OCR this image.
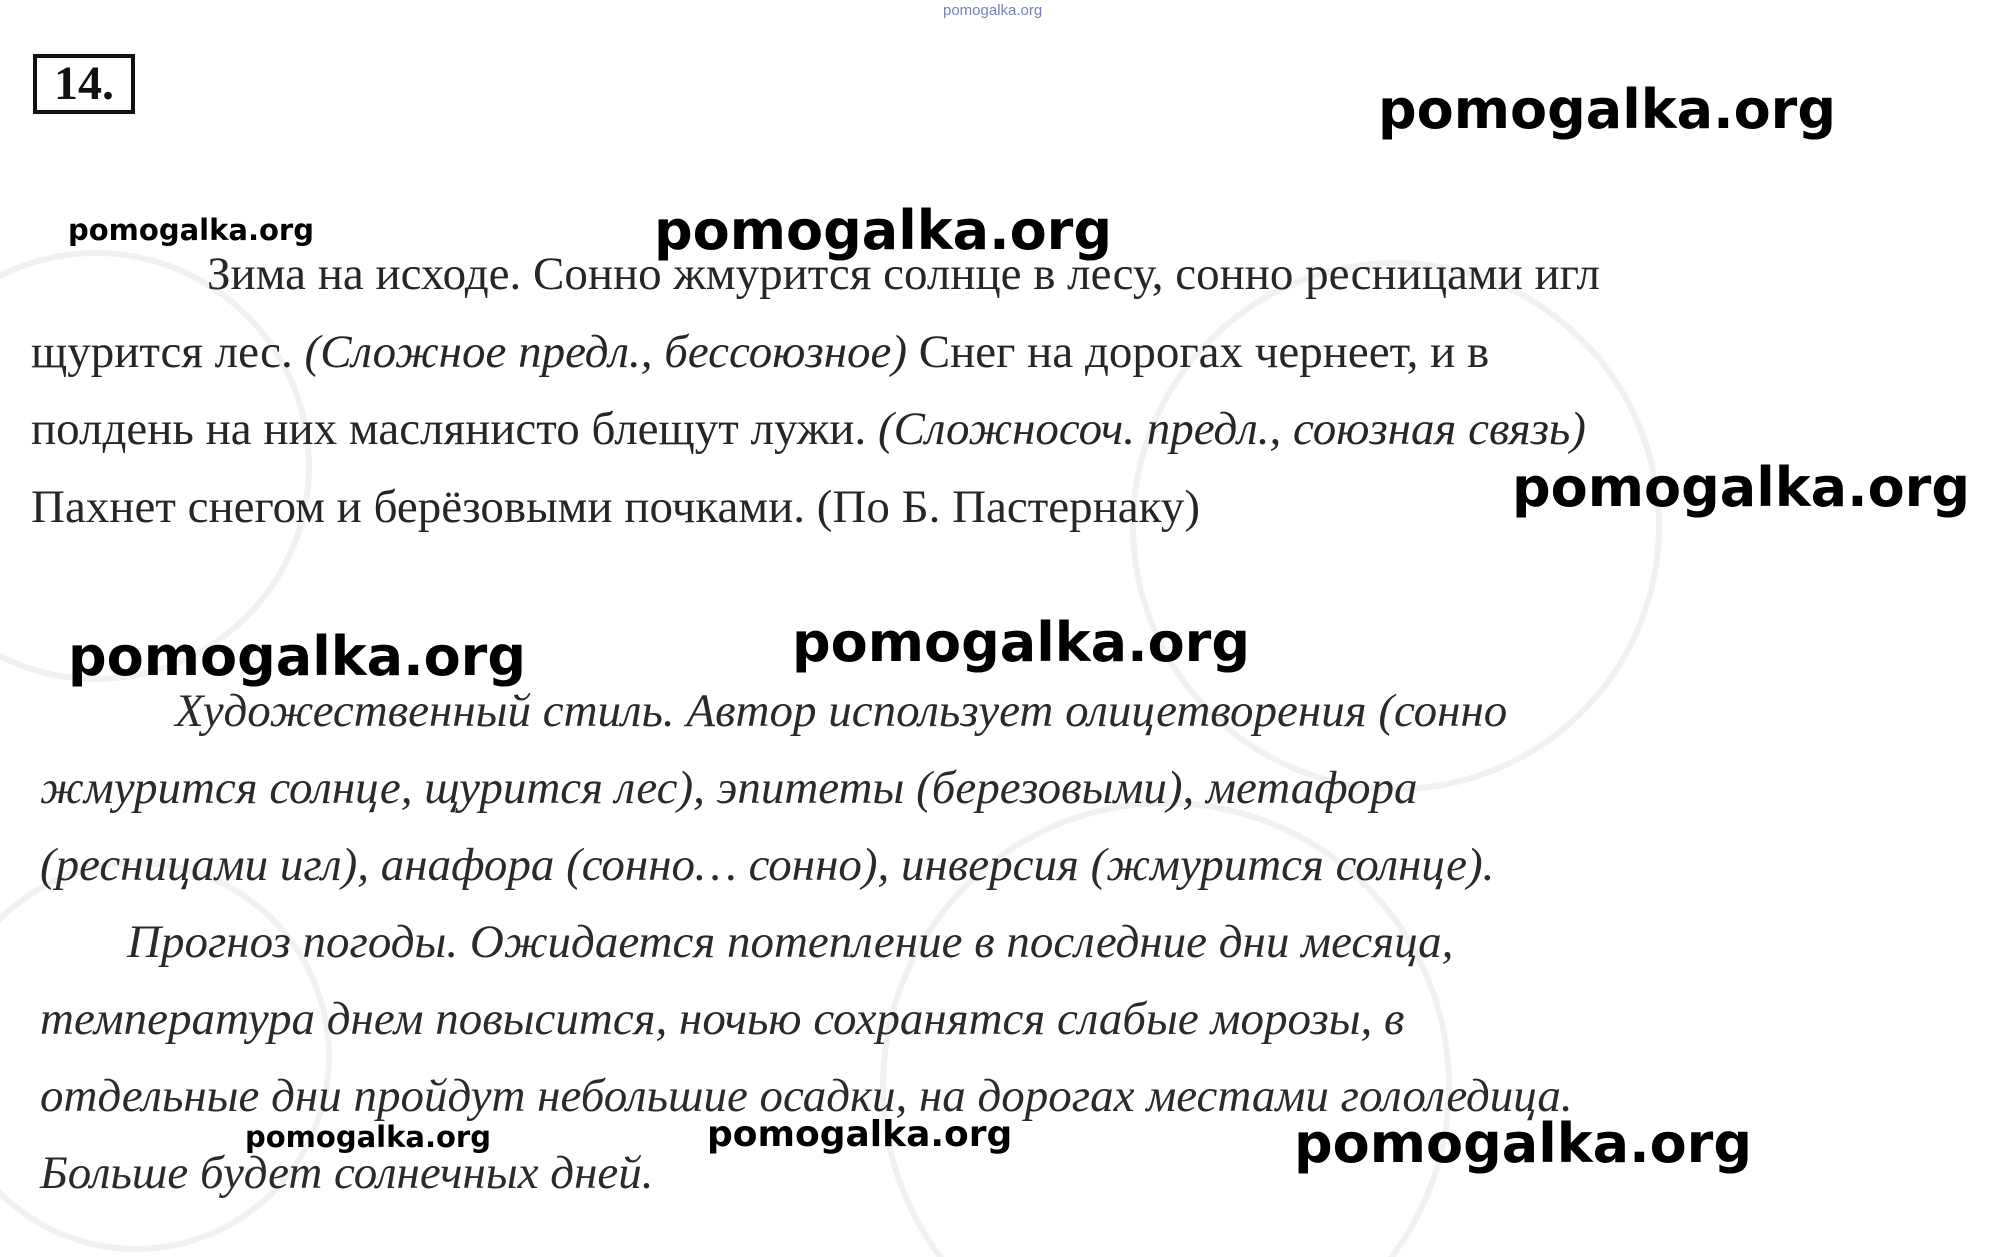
pomogalka.org
14.
Зима на исходе. Сонно жмурится солнце в лесу, сонно ресницами игл
щурится лес. (Сложное предл., бессоюзное) Снег на дорогах чернеет, и в
полдень на них маслянисто блещут лужи. (Сложносоч. предл., союзная связь)
Пахнет снегом и берёзовыми почками. (По Б. Пастернаку)
Художественный стиль. Автор использует олицетворения (сонно
жмурится солнце, щурится лес), эпитеты (березовыми), метафора
(ресницами игл), анафора (сонно… сонно), инверсия (жмурится солнце).
Прогноз погоды. Ожидается потепление в последние дни месяца,
температура днем повысится, ночью сохранятся слабые морозы, в
отдельные дни пройдут небольшие осадки, на дорогах местами гололедица.
Больше будет солнечных дней.
pomogalka.org
pomogalka.org	pomogalka.org
pomogalka.org
pomogalka.org	pomogalka.org
pomogalka.org	pomogalka.org	pomogalka.org
